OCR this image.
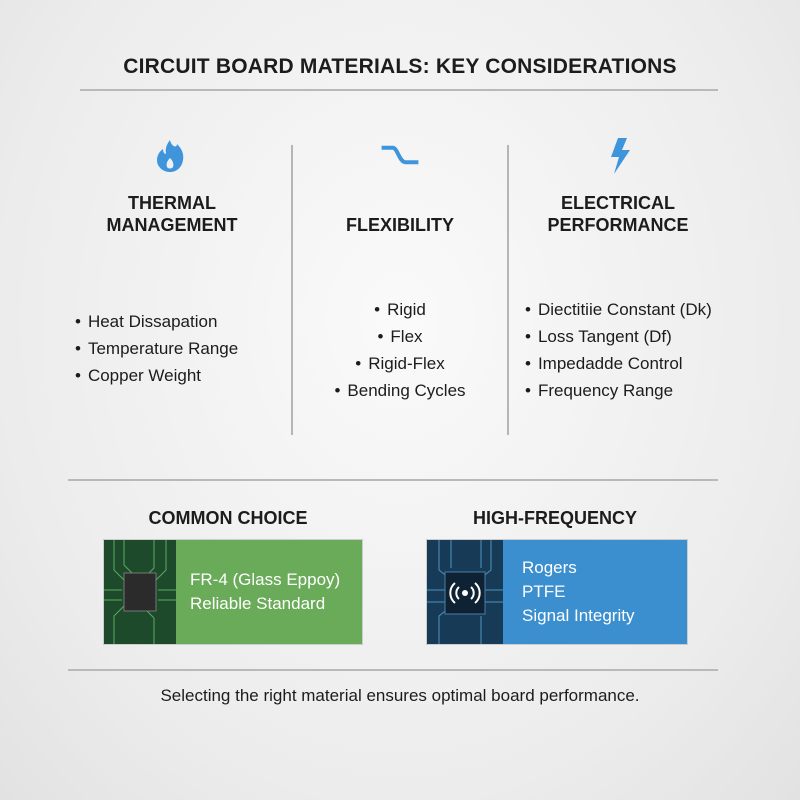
CIRCUIT BOARD MATERIALS: KEY CONSIDERATIONS
THERMAL
MANAGEMENT
• Heat Dissapation
• Temperature Range
• Copper Weight
FLEXIBILITY
• Rigid
• Flex
• Rigid-Flex
• Bending Cycles
ELECTRICAL
PERFORMANCE
• Diectitiie Constant (Dk)
• Loss Tangent (Df)
• Impedadde Control
• Frequency Range
COMMON CHOICE
FR-4 (Glass Eppoy)
Reliable Standard
HIGH-FREQUENCY
Rogers
PTFE
Signal Integrity
Selecting the right material ensures optimal board performance.
